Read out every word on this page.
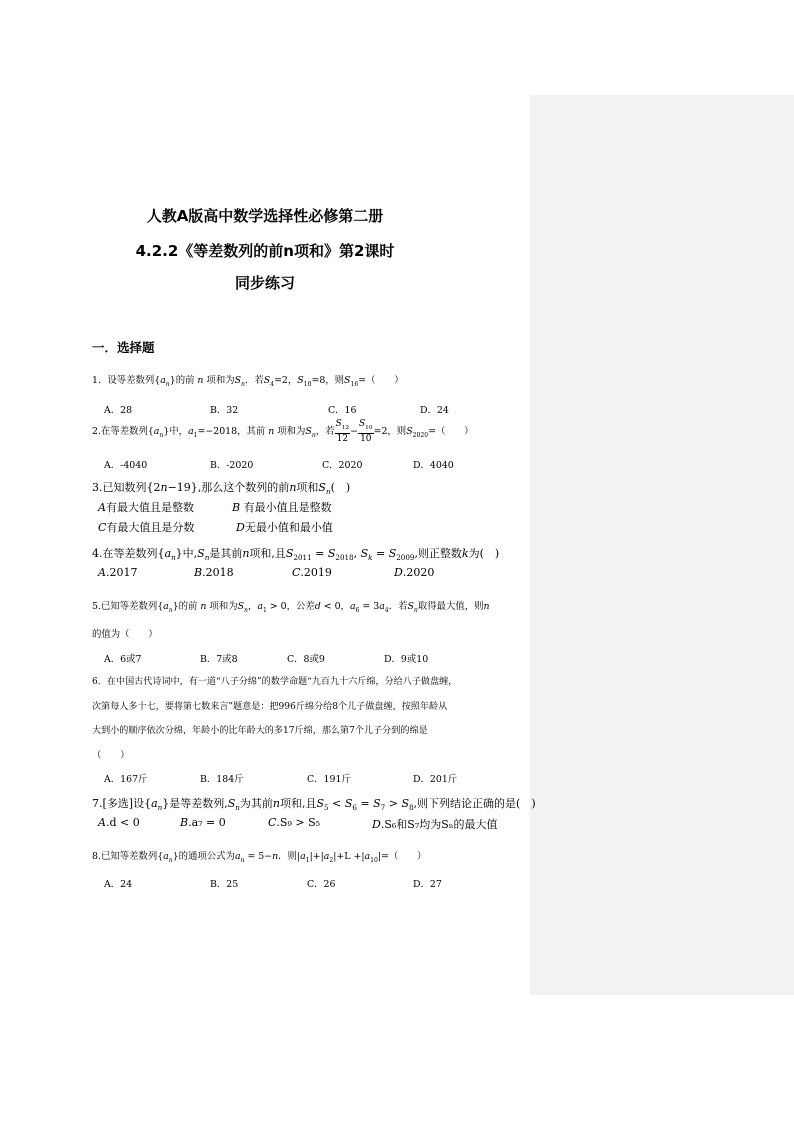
人教A版高中数学选择性必修第二册
4.2.2《等差数列的前n项和》第2课时
同步练习
一．选择题
1．设等差数列$\{a_n\}$的前 n 项和为$S_n$．若$S_4=2$，$S_{10}=8$，则$S_{16}=$（　　）
A．28	B．32	C．16	D．24
2.在等差数列$\{a_n\}$中，$a_1=-2018$，其前 n 项和为$S_n$，若 $\frac{S_{12}}{12} - \frac{S_{10}}{10} =2$，则$S_{2020}=$（　　）
A．-4040	B．-2020	C．2020	D．4040
3.已知数列{2n−19},那么这个数列的前n项和$S_n$(　)
A有最大值且是整数	B 有最小值且是整数
C有最大值且是分数	D无最小值和最小值
4.在等差数列$\{a_n\}$中$,S_n$是其前n项和,且$S_{2011} = S_{2018}$, $S_k = S_{2009}$,则正整数k为(　)
A.2017	B.2018	C.2019	D.2020
5.已知等差数列$\{a_n\}$的前 n 项和为$S_n$，$a_1 > 0$，公差d < 0，$a_6 = 3a_4$．若$S_n$取得最大值，则n
的值为（　　）
A．6或7	B．7或8	C．8或9	D．9或10
6．在中国古代诗词中，有一道“八子分绵”的数学命题“九百九十六斤绵，分给八子做盘缠，
次第每人多十七，要将第七数来言”题意是：把996斤绵分给8个儿子做盘缠，按照年龄从
大到小的顺序依次分绵，年龄小的比年龄大的多17斤绵，那么第7个儿子分到的绵是
（　　）
A．167斤	B．184斤	C．191斤	D．201斤
7.[多选]设$\{a_n\}$是等差数列$,S_n$为其前n项和,且$S_5 < S_6 = S_7 > S_8$,则下列结论正确的是(　)
A.d < 0	B.a₇ = 0	C.S₉ > S₅	D.S₆和S₇均为Sₙ的最大值
8.已知等差数列$\{a_n\}$的通项公式为$a_n = 5-n$．则$|a_1|+|a_2|+L +|a_{10}|=$（　　）
A．24	B．25	C．26	D．27
